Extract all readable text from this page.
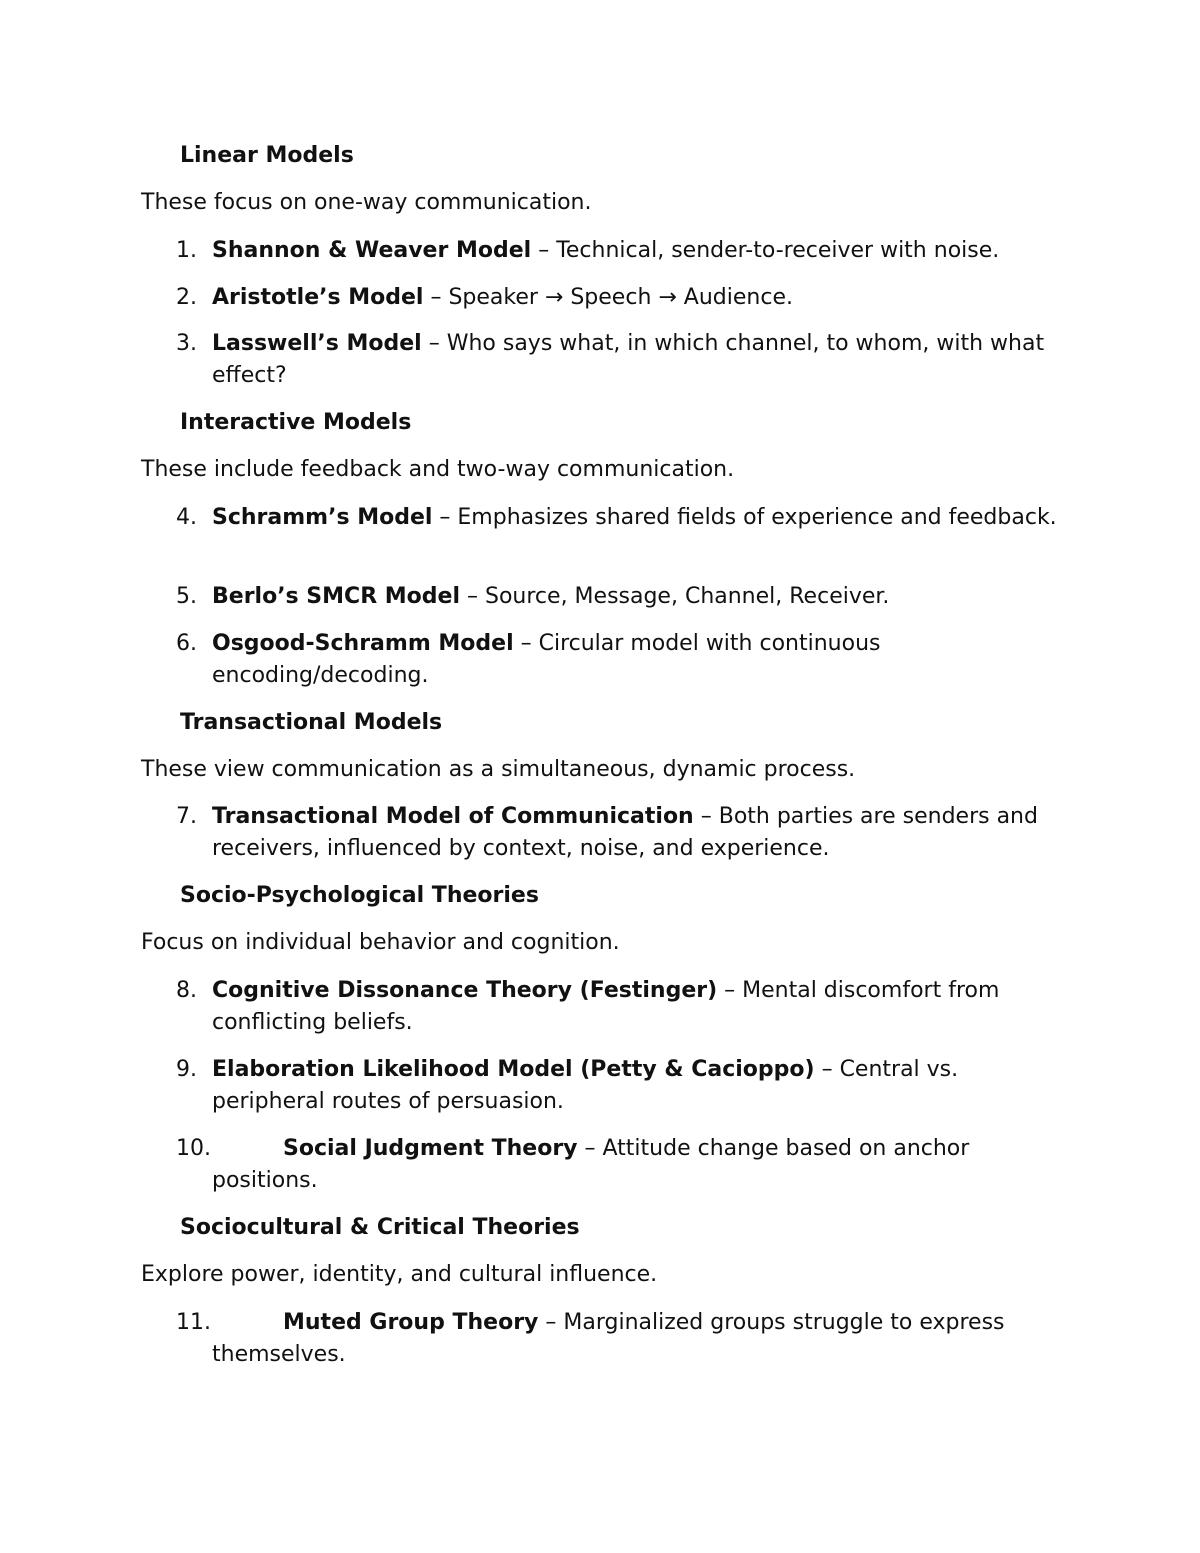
Linear Models
These focus on one-way communication.
1. Shannon & Weaver Model – Technical, sender-to-receiver with noise.
2. Aristotle’s Model – Speaker → Speech → Audience.
3. Lasswell’s Model – Who says what, in which channel, to whom, with what effect?
Interactive Models
These include feedback and two-way communication.
4. Schramm’s Model – Emphasizes shared fields of experience and feedback.
5. Berlo’s SMCR Model – Source, Message, Channel, Receiver.
6. Osgood-Schramm Model – Circular model with continuous encoding/decoding.
Transactional Models
These view communication as a simultaneous, dynamic process.
7. Transactional Model of Communication – Both parties are senders and receivers, influenced by context, noise, and experience.
Socio-Psychological Theories
Focus on individual behavior and cognition.
8. Cognitive Dissonance Theory (Festinger) – Mental discomfort from conflicting beliefs.
9. Elaboration Likelihood Model (Petty & Cacioppo) – Central vs. peripheral routes of persuasion.
10.	Social Judgment Theory – Attitude change based on anchor positions.
Sociocultural & Critical Theories
Explore power, identity, and cultural influence.
11.	Muted Group Theory – Marginalized groups struggle to express themselves.
